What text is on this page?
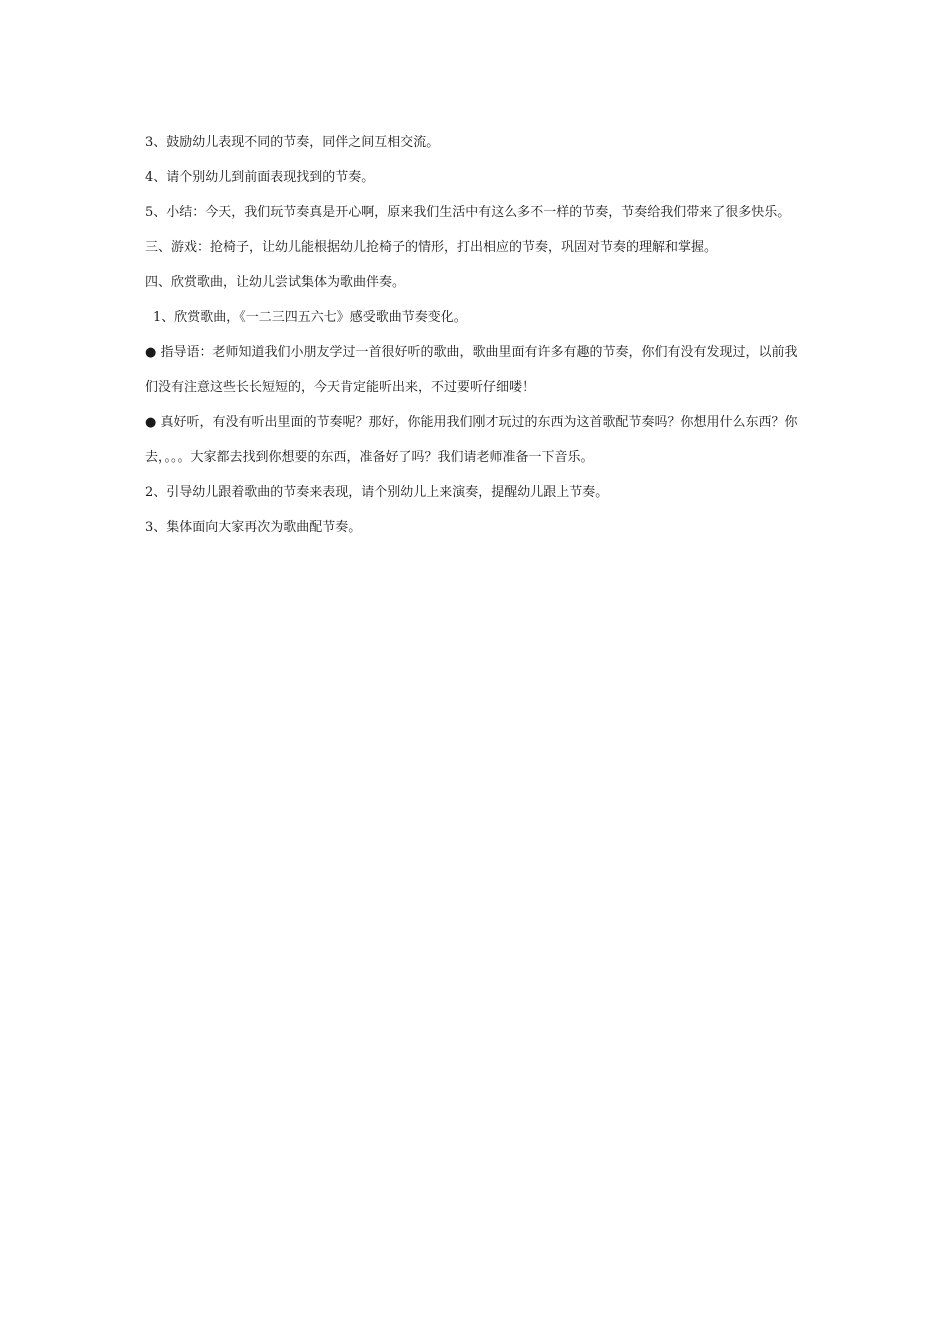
3、鼓励幼儿表现不同的节奏，同伴之间互相交流。

4、请个别幼儿到前面表现找到的节奏。

5、小结：今天，我们玩节奏真是开心啊，原来我们生活中有这么多不一样的节奏，节奏给我们带来了很多快乐。

三、游戏：抢椅子，让幼儿能根据幼儿抢椅子的情形，打出相应的节奏，巩固对节奏的理解和掌握。

四、欣赏歌曲，让幼儿尝试集体为歌曲伴奏。

1、欣赏歌曲，《一二三四五六七》感受歌曲节奏变化。

● 指导语：老师知道我们小朋友学过一首很好听的歌曲，歌曲里面有许多有趣的节奏，你们有没有发现过，以前我们没有注意这些长长短短的，今天肯定能听出来，不过要听仔细喽！

● 真好听，有没有听出里面的节奏呢？那好，你能用我们刚才玩过的东西为这首歌配节奏吗？你想用什么东西？你去，。。。大家都去找到你想要的东西，准备好了吗？我们请老师准备一下音乐。

2、引导幼儿跟着歌曲的节奏来表现，请个别幼儿上来演奏，提醒幼儿跟上节奏。

3、集体面向大家再次为歌曲配节奏。
